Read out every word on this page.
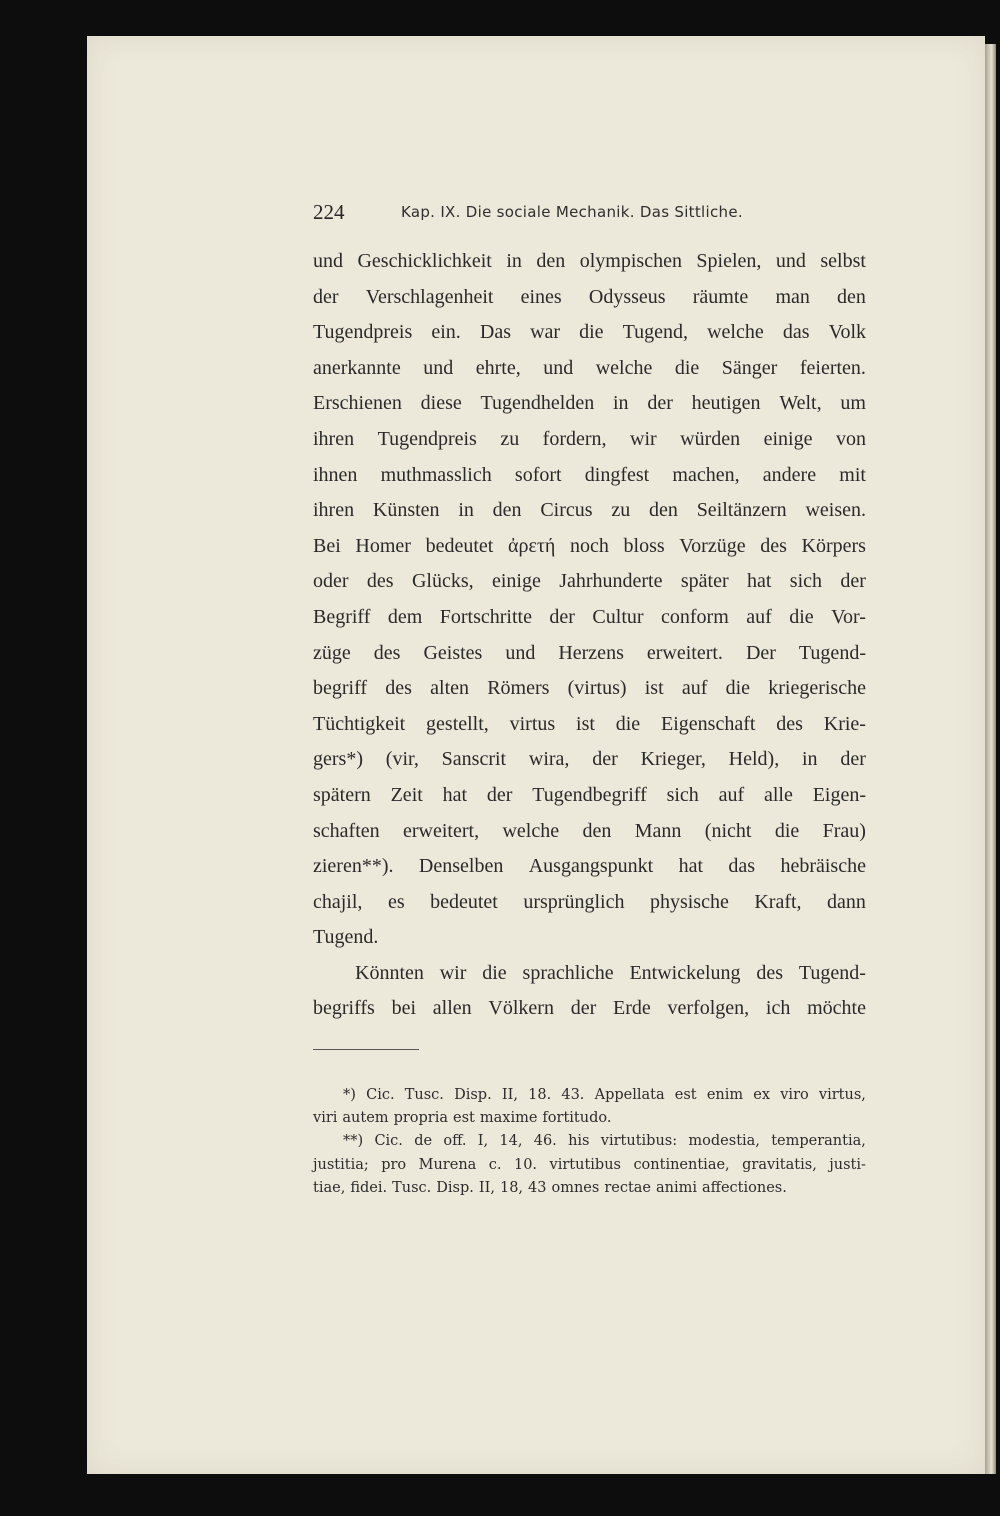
224	Kap. IX. Die sociale Mechanik. Das Sittliche.
und Geschicklichkeit in den olympischen Spielen, und selbst
der Verschlagenheit eines Odysseus räumte man den
Tugendpreis ein. Das war die Tugend, welche das Volk
anerkannte und ehrte, und welche die Sänger feierten.
Erschienen diese Tugendhelden in der heutigen Welt, um
ihren Tugendpreis zu fordern, wir würden einige von
ihnen muthmasslich sofort dingfest machen, andere mit
ihren Künsten in den Circus zu den Seiltänzern weisen.
Bei Homer bedeutet ἀρετή noch bloss Vorzüge des Körpers
oder des Glücks, einige Jahrhunderte später hat sich der
Begriff dem Fortschritte der Cultur conform auf die Vor-
züge des Geistes und Herzens erweitert. Der Tugend-
begriff des alten Römers (virtus) ist auf die kriegerische
Tüchtigkeit gestellt, virtus ist die Eigenschaft des Krie-
gers*) (vir, Sanscrit wira, der Krieger, Held), in der
spätern Zeit hat der Tugendbegriff sich auf alle Eigen-
schaften erweitert, welche den Mann (nicht die Frau)
zieren**). Denselben Ausgangspunkt hat das hebräische
chajil, es bedeutet ursprünglich physische Kraft, dann
Tugend.
Könnten wir die sprachliche Entwickelung des Tugend-
begriffs bei allen Völkern der Erde verfolgen, ich möchte
*) Cic. Tusc. Disp. II, 18. 43. Appellata est enim ex viro virtus,
viri autem propria est maxime fortitudo.
**) Cic. de off. I, 14, 46. his virtutibus: modestia, temperantia,
justitia; pro Murena c. 10. virtutibus continentiae, gravitatis, justi-
tiae, fidei. Tusc. Disp. II, 18, 43 omnes rectae animi affectiones.
